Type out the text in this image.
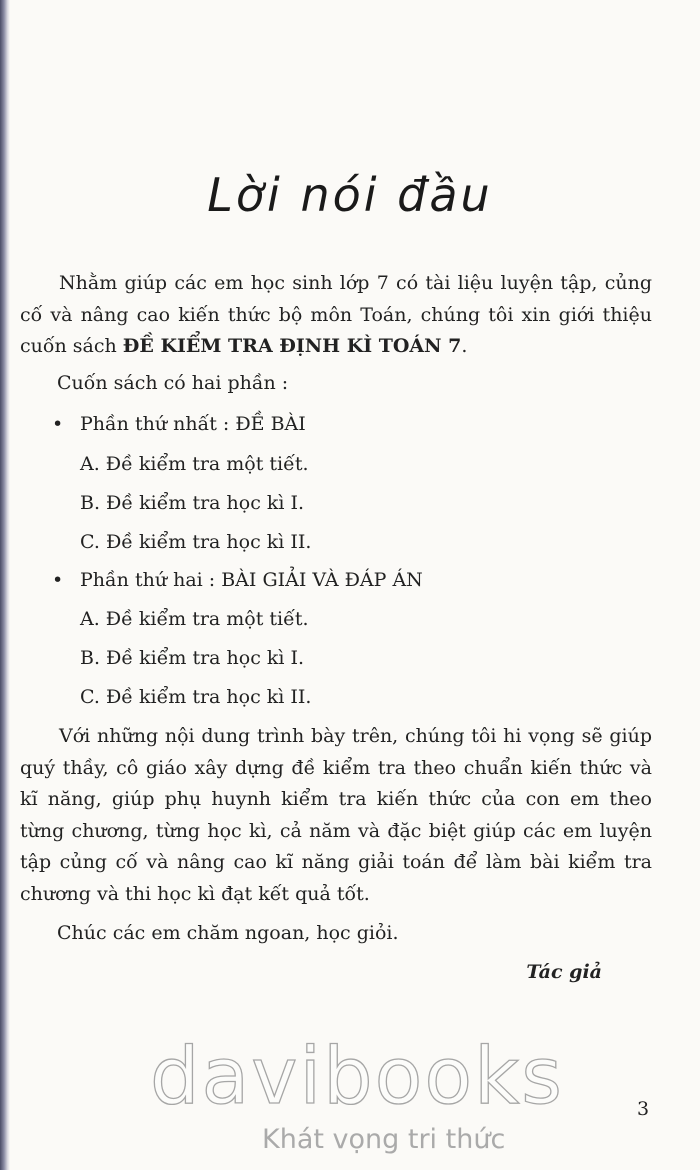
Lời nói đầu

Nhằm giúp các em học sinh lớp 7 có tài liệu luyện tập, củng cố và nâng cao kiến thức bộ môn Toán, chúng tôi xin giới thiệu cuốn sách ĐỀ KIỂM TRA ĐỊNH KÌ TOÁN 7.

Cuốn sách có hai phần :
• Phần thứ nhất : ĐỀ BÀI
A. Đề kiểm tra một tiết.
B. Đề kiểm tra học kì I.
C. Đề kiểm tra học kì II.
• Phần thứ hai : BÀI GIẢI VÀ ĐÁP ÁN
A. Đề kiểm tra một tiết.
B. Đề kiểm tra học kì I.
C. Đề kiểm tra học kì II.

Với những nội dung trình bày trên, chúng tôi hi vọng sẽ giúp quý thầy, cô giáo xây dựng đề kiểm tra theo chuẩn kiến thức và kĩ năng, giúp phụ huynh kiểm tra kiến thức của con em theo từng chương, từng học kì, cả năm và đặc biệt giúp các em luyện tập củng cố và nâng cao kĩ năng giải toán để làm bài kiểm tra chương và thi học kì đạt kết quả tốt.

Chúc các em chăm ngoan, học giỏi.
Tác giả
davibooks
Khát vọng tri thức
3
